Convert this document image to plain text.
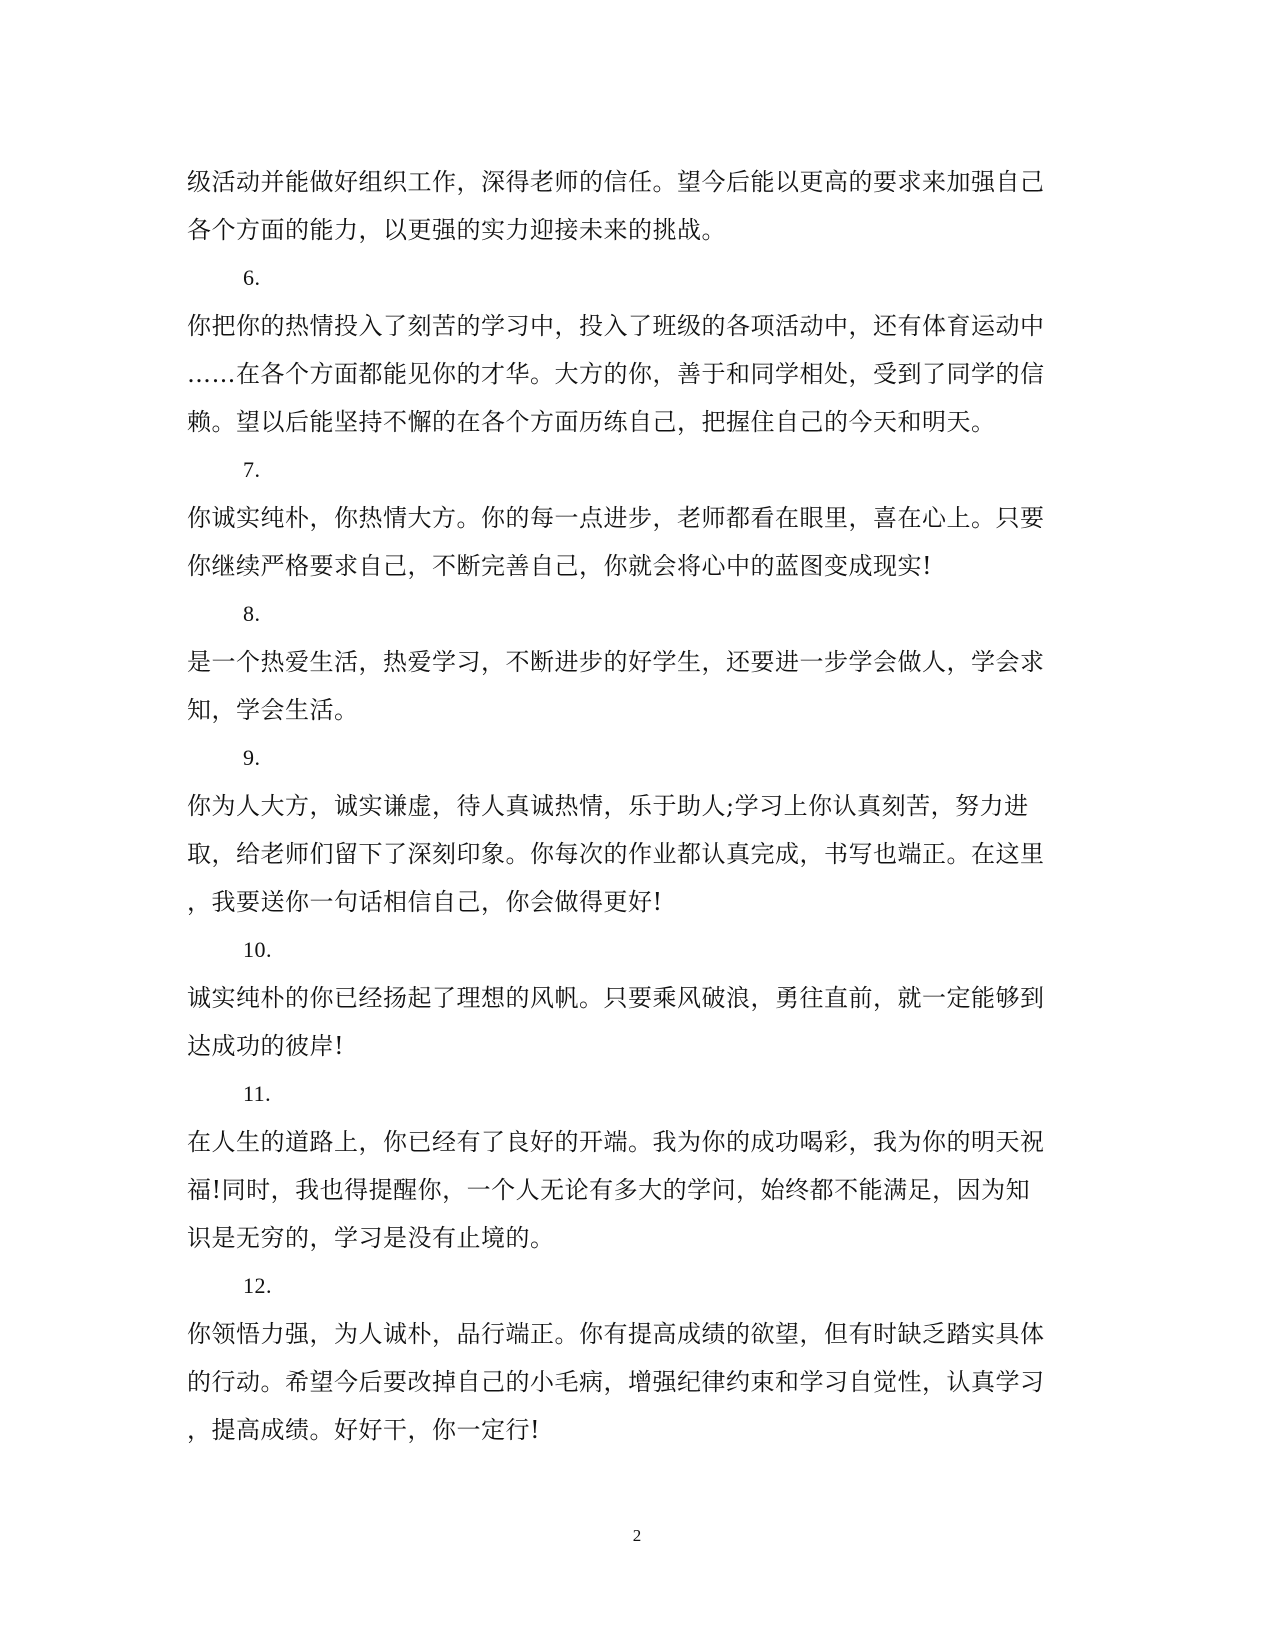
级活动并能做好组织工作，深得老师的信任。望今后能以更高的要求来加强自己
各个方面的能力，以更强的实力迎接未来的挑战。
6.
你把你的热情投入了刻苦的学习中，投入了班级的各项活动中，还有体育运动中
……在各个方面都能见你的才华。大方的你，善于和同学相处，受到了同学的信
赖。望以后能坚持不懈的在各个方面历练自己，把握住自己的今天和明天。
7.
你诚实纯朴，你热情大方。你的每一点进步，老师都看在眼里，喜在心上。只要
你继续严格要求自己，不断完善自己，你就会将心中的蓝图变成现实!
8.
是一个热爱生活，热爱学习，不断进步的好学生，还要进一步学会做人，学会求
知，学会生活。
9.
你为人大方，诚实谦虚，待人真诚热情，乐于助人;学习上你认真刻苦，努力进
取，给老师们留下了深刻印象。你每次的作业都认真完成，书写也端正。在这里
，我要送你一句话相信自己，你会做得更好!
10.
诚实纯朴的你已经扬起了理想的风帆。只要乘风破浪，勇往直前，就一定能够到
达成功的彼岸!
11.
在人生的道路上，你已经有了良好的开端。我为你的成功喝彩，我为你的明天祝
福!同时，我也得提醒你，一个人无论有多大的学问，始终都不能满足，因为知
识是无穷的，学习是没有止境的。
12.
你领悟力强，为人诚朴，品行端正。你有提高成绩的欲望，但有时缺乏踏实具体
的行动。希望今后要改掉自己的小毛病，增强纪律约束和学习自觉性，认真学习
，提高成绩。好好干，你一定行!
2
